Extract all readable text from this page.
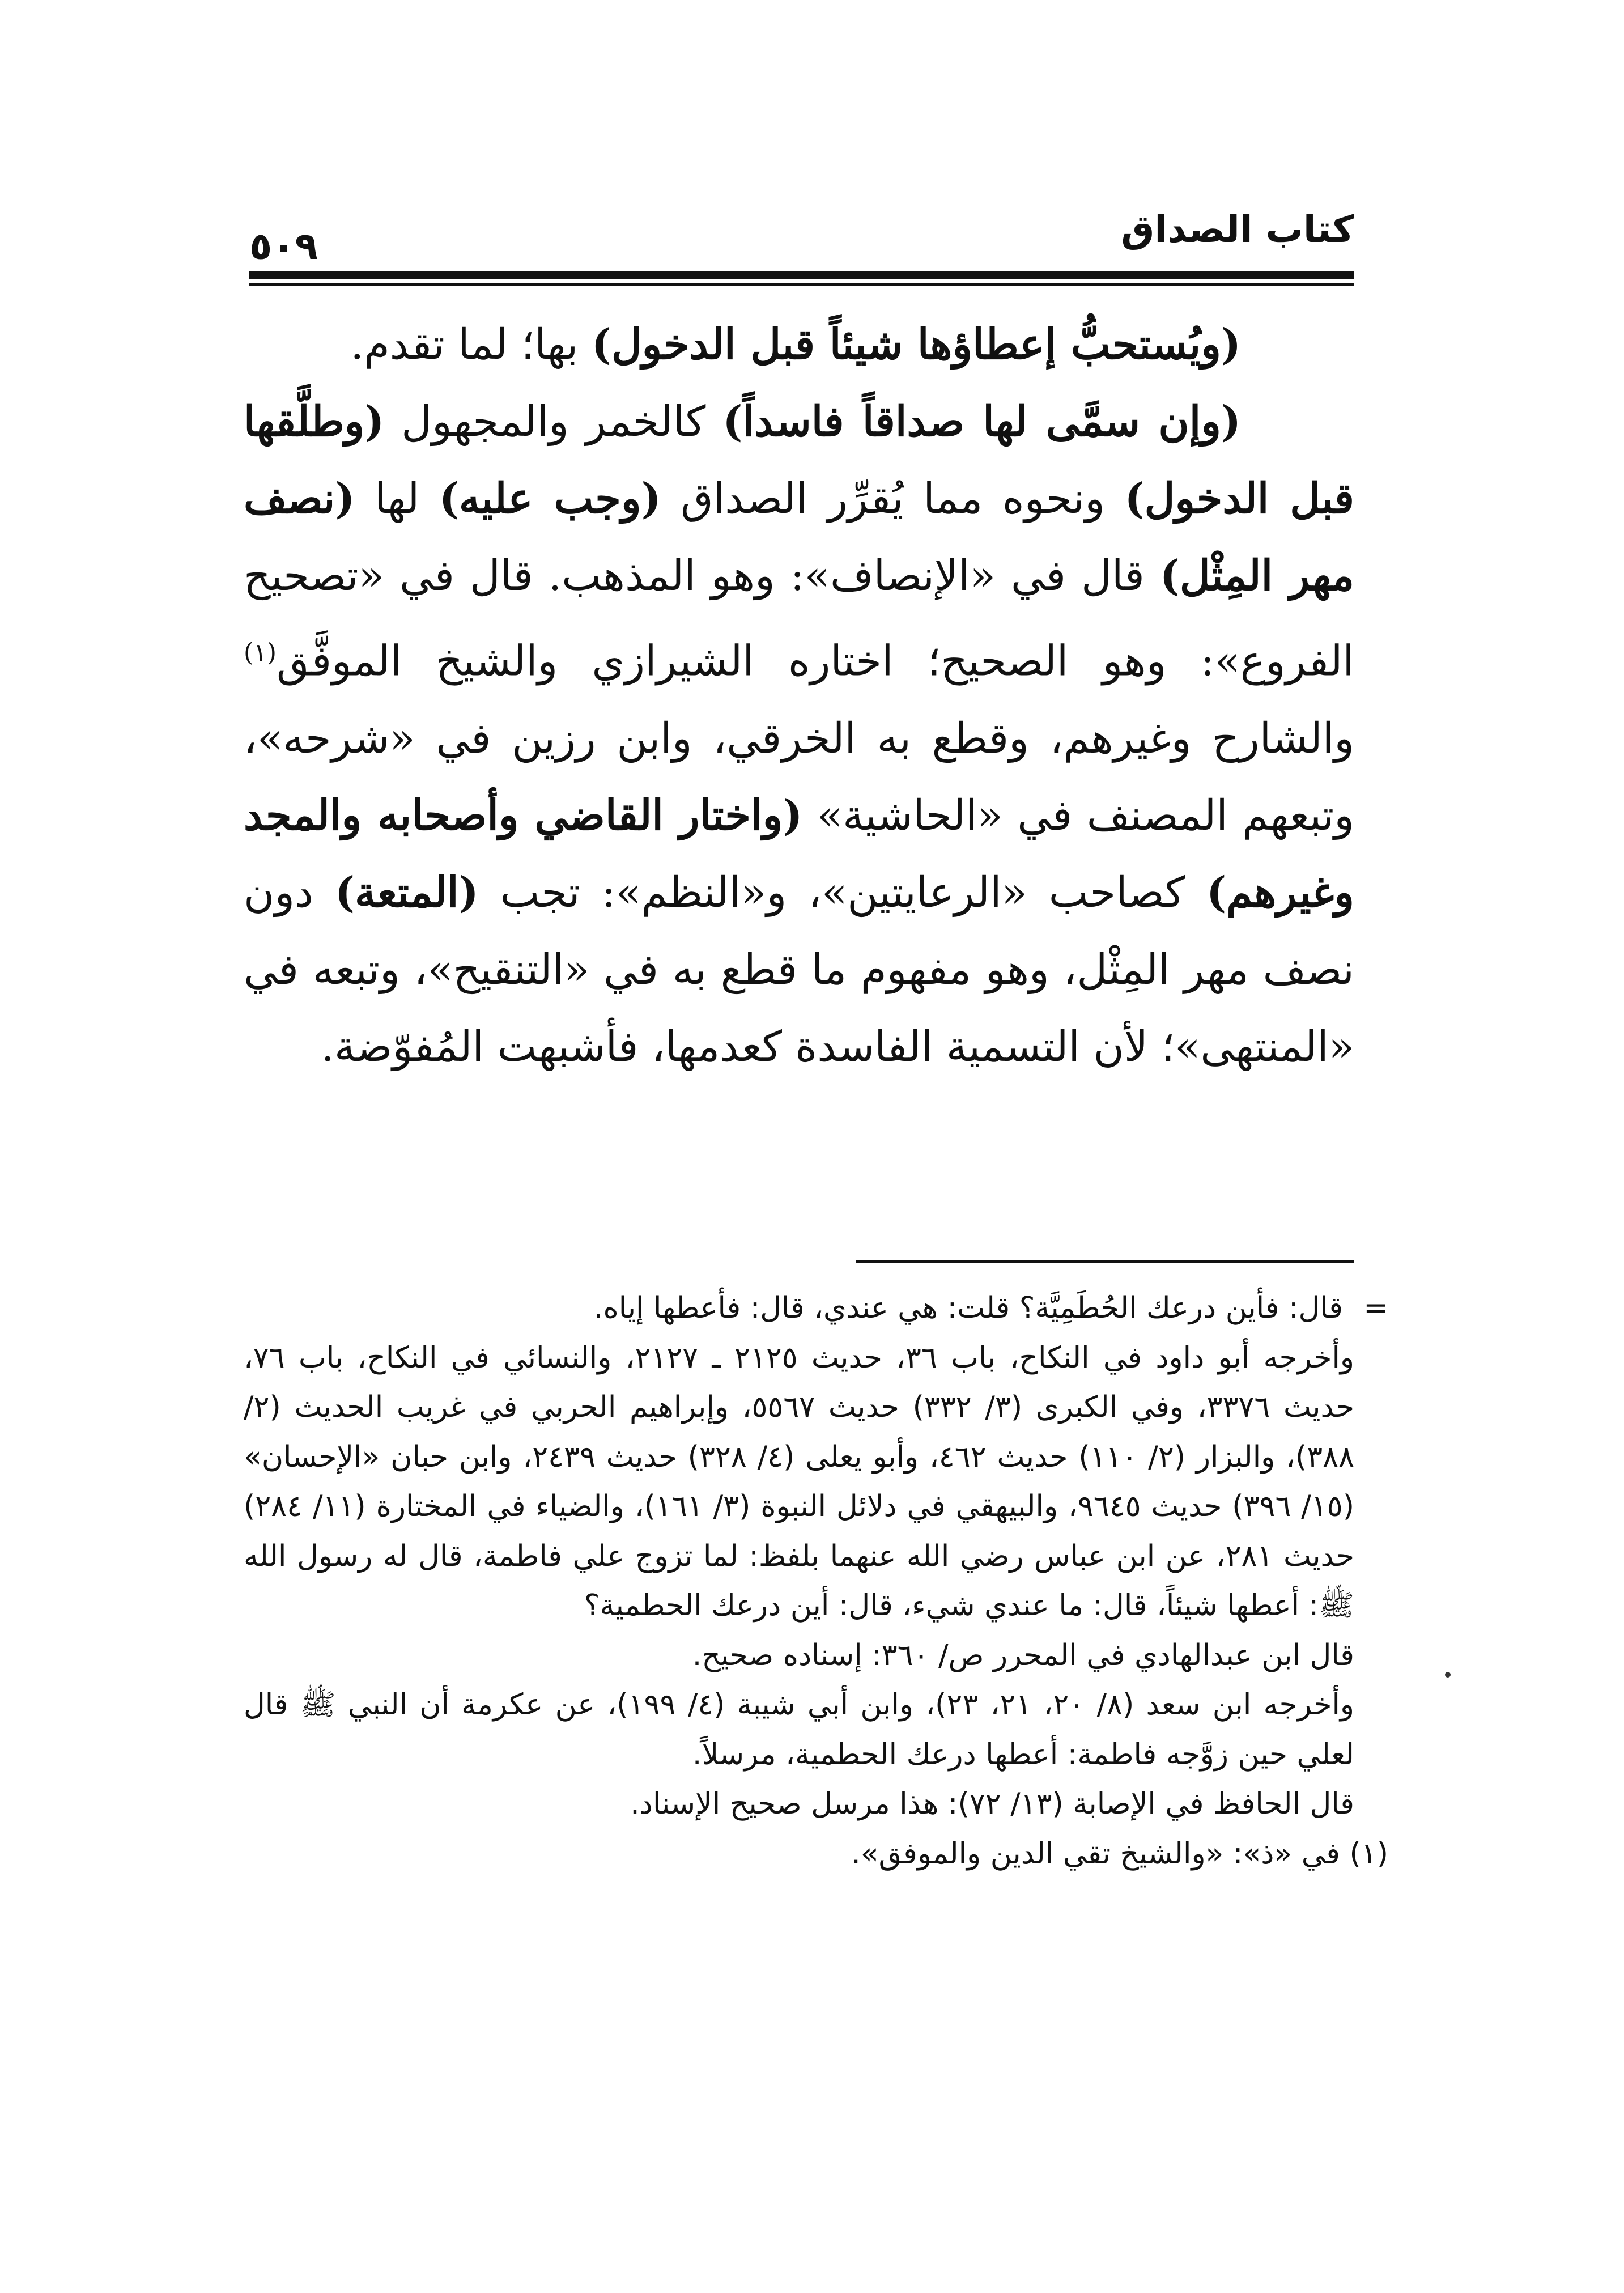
كتاب الصداق
٥٠٩

(ويُستحبُّ إعطاؤها شيئاً قبل الدخول) بها؛ لما تقدم.

(وإن سمَّى لها صداقاً فاسداً) كالخمر والمجهول (وطلَّقها قبل الدخول) ونحوه مما يُقرِّر الصداق (وجب عليه) لها (نصف مهر المِثْل) قال في «الإنصاف»: وهو المذهب. قال في «تصحيح الفروع»: وهو الصحيح؛ اختاره الشيرازي والشيخ الموفَّق$^{(١)}$ والشارح وغيرهم، وقطع به الخرقي، وابن رزين في «شرحه»، وتبعهم المصنف في «الحاشية» (واختار القاضي وأصحابه والمجد وغيرهم) كصاحب «الرعايتين»، و«النظم»: تجب (المتعة) دون نصف مهر المِثْل، وهو مفهوم ما قطع به في «التنقيح»، وتبعه في «المنتهى»؛ لأن التسمية الفاسدة كعدمها، فأشبهت المُفوّضة.

=

قال: فأين درعك الحُطَمِيَّة؟ قلت: هي عندي، قال: فأعطها إياه.

وأخرجه أبو داود في النكاح، باب ٣٦، حديث ٢١٢٥ ـ ٢١٢٧، والنسائي في النكاح، باب ٧٦، حديث ٣٣٧٦، وفي الكبرى (٣/ ٣٣٢) حديث ٥٥٦٧، وإبراهيم الحربي في غريب الحديث (٢/ ٣٨٨)، والبزار (٢/ ١١٠) حديث ٤٦٢، وأبو يعلى (٤/ ٣٢٨) حديث ٢٤٣٩، وابن حبان «الإحسان» (١٥/ ٣٩٦) حديث ٩٦٤٥، والبيهقي في دلائل النبوة (٣/ ١٦١)، والضياء في المختارة (١١/ ٢٨٤) حديث ٢٨١، عن ابن عباس رضي الله عنهما بلفظ: لما تزوج علي فاطمة، قال له رسول الله ﷺ: أعطها شيئاً، قال: ما عندي شيء، قال: أين درعك الحطمية؟

قال ابن عبدالهادي في المحرر ص/ ٣٦٠: إسناده صحيح.

وأخرجه ابن سعد (٨/ ٢٠، ٢١، ٢٣)، وابن أبي شيبة (٤/ ١٩٩)، عن عكرمة أن النبي ﷺ قال لعلي حين زوَّجه فاطمة: أعطها درعك الحطمية، مرسلاً.

قال الحافظ في الإصابة (١٣/ ٧٢): هذا مرسل صحيح الإسناد.

(١) في «ذ»: «والشيخ تقي الدين والموفق».
